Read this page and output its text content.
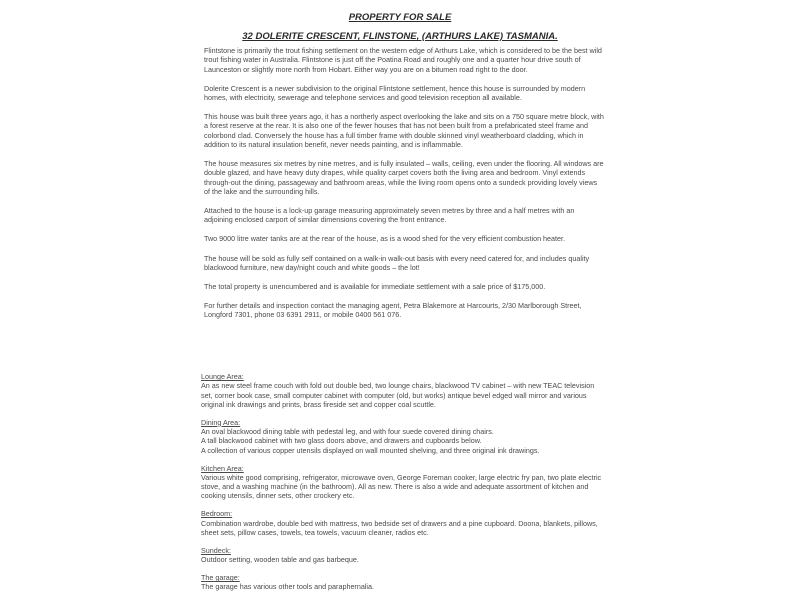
PROPERTY FOR SALE
32 DOLERITE CRESCENT, FLINSTONE, (ARTHURS LAKE) TASMANIA.

Flintstone is primarily the trout fishing settlement on the western edge of Arthurs Lake, which is considered to be the best wild trout fishing water in Australia. Flintstone is just off the Poatina Road and roughly one and a quarter hour drive south of Launceston or slightly more north from Hobart. Either way you are on a bitumen road right to the door.

Dolerite Crescent is a newer subdivision to the original Flintstone settlement, hence this house is surrounded by modern homes, with electricity, sewerage and telephone services and good television reception all available.

This house was built three years ago, it has a northerly aspect overlooking the lake and sits on a 750 square metre block, with a forest reserve at the rear. It is also one of the fewer houses that has not been built from a prefabricated steel frame and colorbond clad. Conversely the house has a full timber frame with double skinned vinyl weatherboard cladding, which in addition to its natural insulation benefit, never needs painting, and is inflammable.

The house measures six metres by nine metres, and is fully insulated – walls, ceiling, even under the flooring. All windows are double glazed, and have heavy duty drapes, while quality carpet covers both the living area and bedroom. Vinyl extends through-out the dining, passageway and bathroom areas, while the living room opens onto a sundeck providing lovely views of the lake and the surrounding hills.

Attached to the house is a lock-up garage measuring approximately seven metres by three and a half metres with an adjoining enclosed carport of similar dimensions covering the front entrance.

Two 9000 litre water tanks are at the rear of the house, as is a wood shed for the very efficient combustion heater.

The house will be sold as fully self contained on a walk-in walk-out basis with every need catered for, and includes quality blackwood furniture, new day/night couch and white goods – the lot!

The total property is unencumbered and is available for immediate settlement with a sale price of $175,000.

For further details and inspection contact the managing agent, Petra Blakemore at Harcourts, 2/30 Marlborough Street, Longford 7301, phone 03 6391 2911, or mobile 0400 561 076.

Lounge Area:
An as new steel frame couch with fold out double bed, two lounge chairs, blackwood TV cabinet – with new TEAC television set, corner book case, small computer cabinet with computer (old, but works) antique bevel edged wall mirror and various original ink drawings and prints, brass fireside set and copper coal scuttle.
Dining Area:
An oval blackwood dining table with pedestal leg, and with four suede covered dining chairs.
A tall blackwood cabinet with two glass doors above, and drawers and cupboards below.
A collection of various copper utensils displayed on wall mounted shelving, and three original ink drawings.
Kitchen Area:
Various white good comprising, refrigerator, microwave oven, George Foreman cooker, large electric fry pan, two plate electric stove, and a washing machine (in the bathroom). All as new. There is also a wide and adequate assortment of kitchen and cooking utensils, dinner sets, other crockery etc.
Bedroom:
Combination wardrobe, double bed with mattress, two bedside set of drawers and a pine cupboard. Doona, blankets, pillows, sheet sets, pillow cases, towels, tea towels, vacuum cleaner, radios etc.
Sundeck:
Outdoor setting, wooden table and gas barbeque.
The garage:
The garage has various other tools and paraphernalia.
